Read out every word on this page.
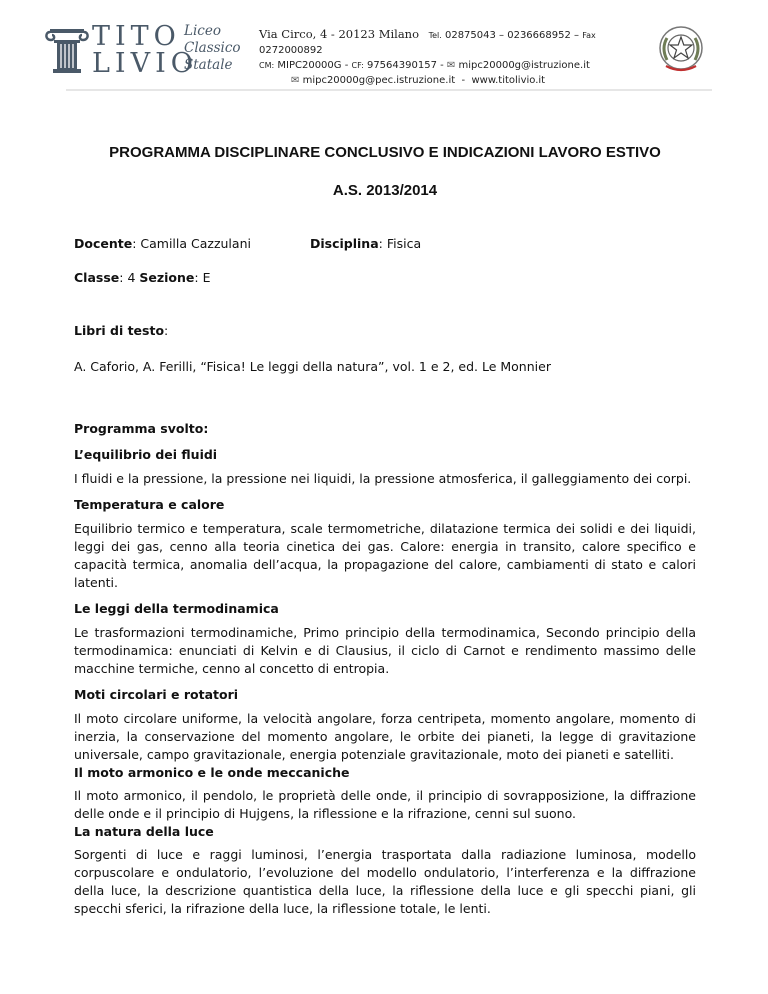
TITO
LIVIO
Liceo
Classico
Statale
Via Circo, 4 - 20123 Milano Tel. 02875043 – 0236668952 – Fax 0272000892
CM: MIPC20000G - CF: 97564390157 - ✉ mipc20000g@istruzione.it
✉ mipc20000g@pec.istruzione.it - www.titolivio.it
PROGRAMMA DISCIPLINARE CONCLUSIVO E INDICAZIONI LAVORO ESTIVO
A.S. 2013/2014
Docente: Camilla Cazzulani	Disciplina: Fisica
Classe: 4 Sezione: E
Libri di testo:
A. Caforio, A. Ferilli, “Fisica! Le leggi della natura”, vol. 1 e 2, ed. Le Monnier
Programma svolto:
L’equilibrio dei fluidi
I fluidi e la pressione, la pressione nei liquidi, la pressione atmosferica, il galleggiamento dei corpi.
Temperatura e calore
Equilibrio termico e temperatura, scale termometriche, dilatazione termica dei solidi e dei liquidi, leggi dei gas, cenno alla teoria cinetica dei gas. Calore: energia in transito, calore specifico e capacità termica, anomalia dell’acqua, la propagazione del calore, cambiamenti di stato e calori latenti.
Le leggi della termodinamica
Le trasformazioni termodinamiche, Primo principio della termodinamica, Secondo principio della termodinamica: enunciati di Kelvin e di Clausius, il ciclo di Carnot e rendimento massimo delle macchine termiche, cenno al concetto di entropia.
Moti circolari e rotatori
Il moto circolare uniforme, la velocità angolare, forza centripeta, momento angolare, momento di inerzia, la conservazione del momento angolare, le orbite dei pianeti, la legge di gravitazione universale, campo gravitazionale, energia potenziale gravitazionale, moto dei pianeti e satelliti.
Il moto armonico e le onde meccaniche
Il moto armonico, il pendolo, le proprietà delle onde, il principio di sovrapposizione, la diffrazione delle onde e il principio di Hujgens, la riflessione e la rifrazione, cenni sul suono.
La natura della luce
Sorgenti di luce e raggi luminosi, l’energia trasportata dalla radiazione luminosa, modello corpuscolare e ondulatorio, l’evoluzione del modello ondulatorio, l’interferenza e la diffrazione della luce, la descrizione quantistica della luce, la riflessione della luce e gli specchi piani, gli specchi sferici, la rifrazione della luce, la riflessione totale, le lenti.
